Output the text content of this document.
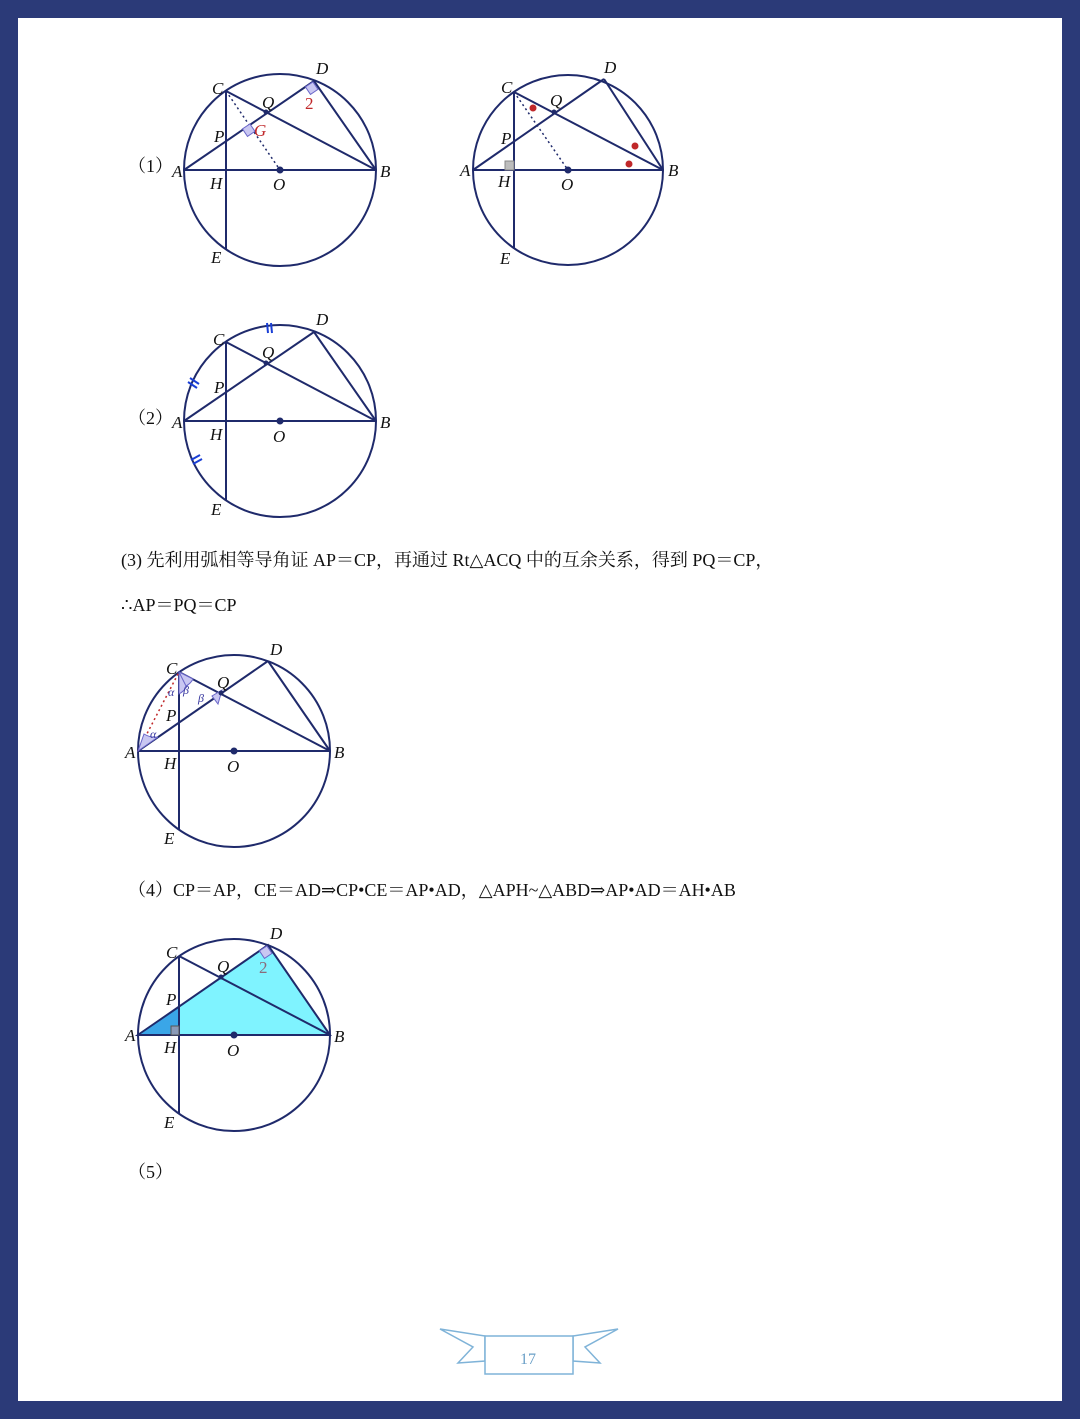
（1）
（2）
(3) 先利用弧相等导角证 AP＝CP，再通过 Rt△ACQ 中的互余关系，得到 PQ＝CP，
∴AP＝PQ＝CP
（4）CP＝AP，CE＝AD⇒CP•CE＝AP•AD，△APH~△ABD⇒AP•AD＝AH•AB
（5）
C
D
Q
P G
2
A
H	O
B
E
C
D
Q
P
A
H	O
B
E
C
D
Q
P
A
H	O
B
E
α β
β
α
C
D
Q
P
A
H	O
B
E
2
C
D
Q
P
A
H	O
B
E
17
